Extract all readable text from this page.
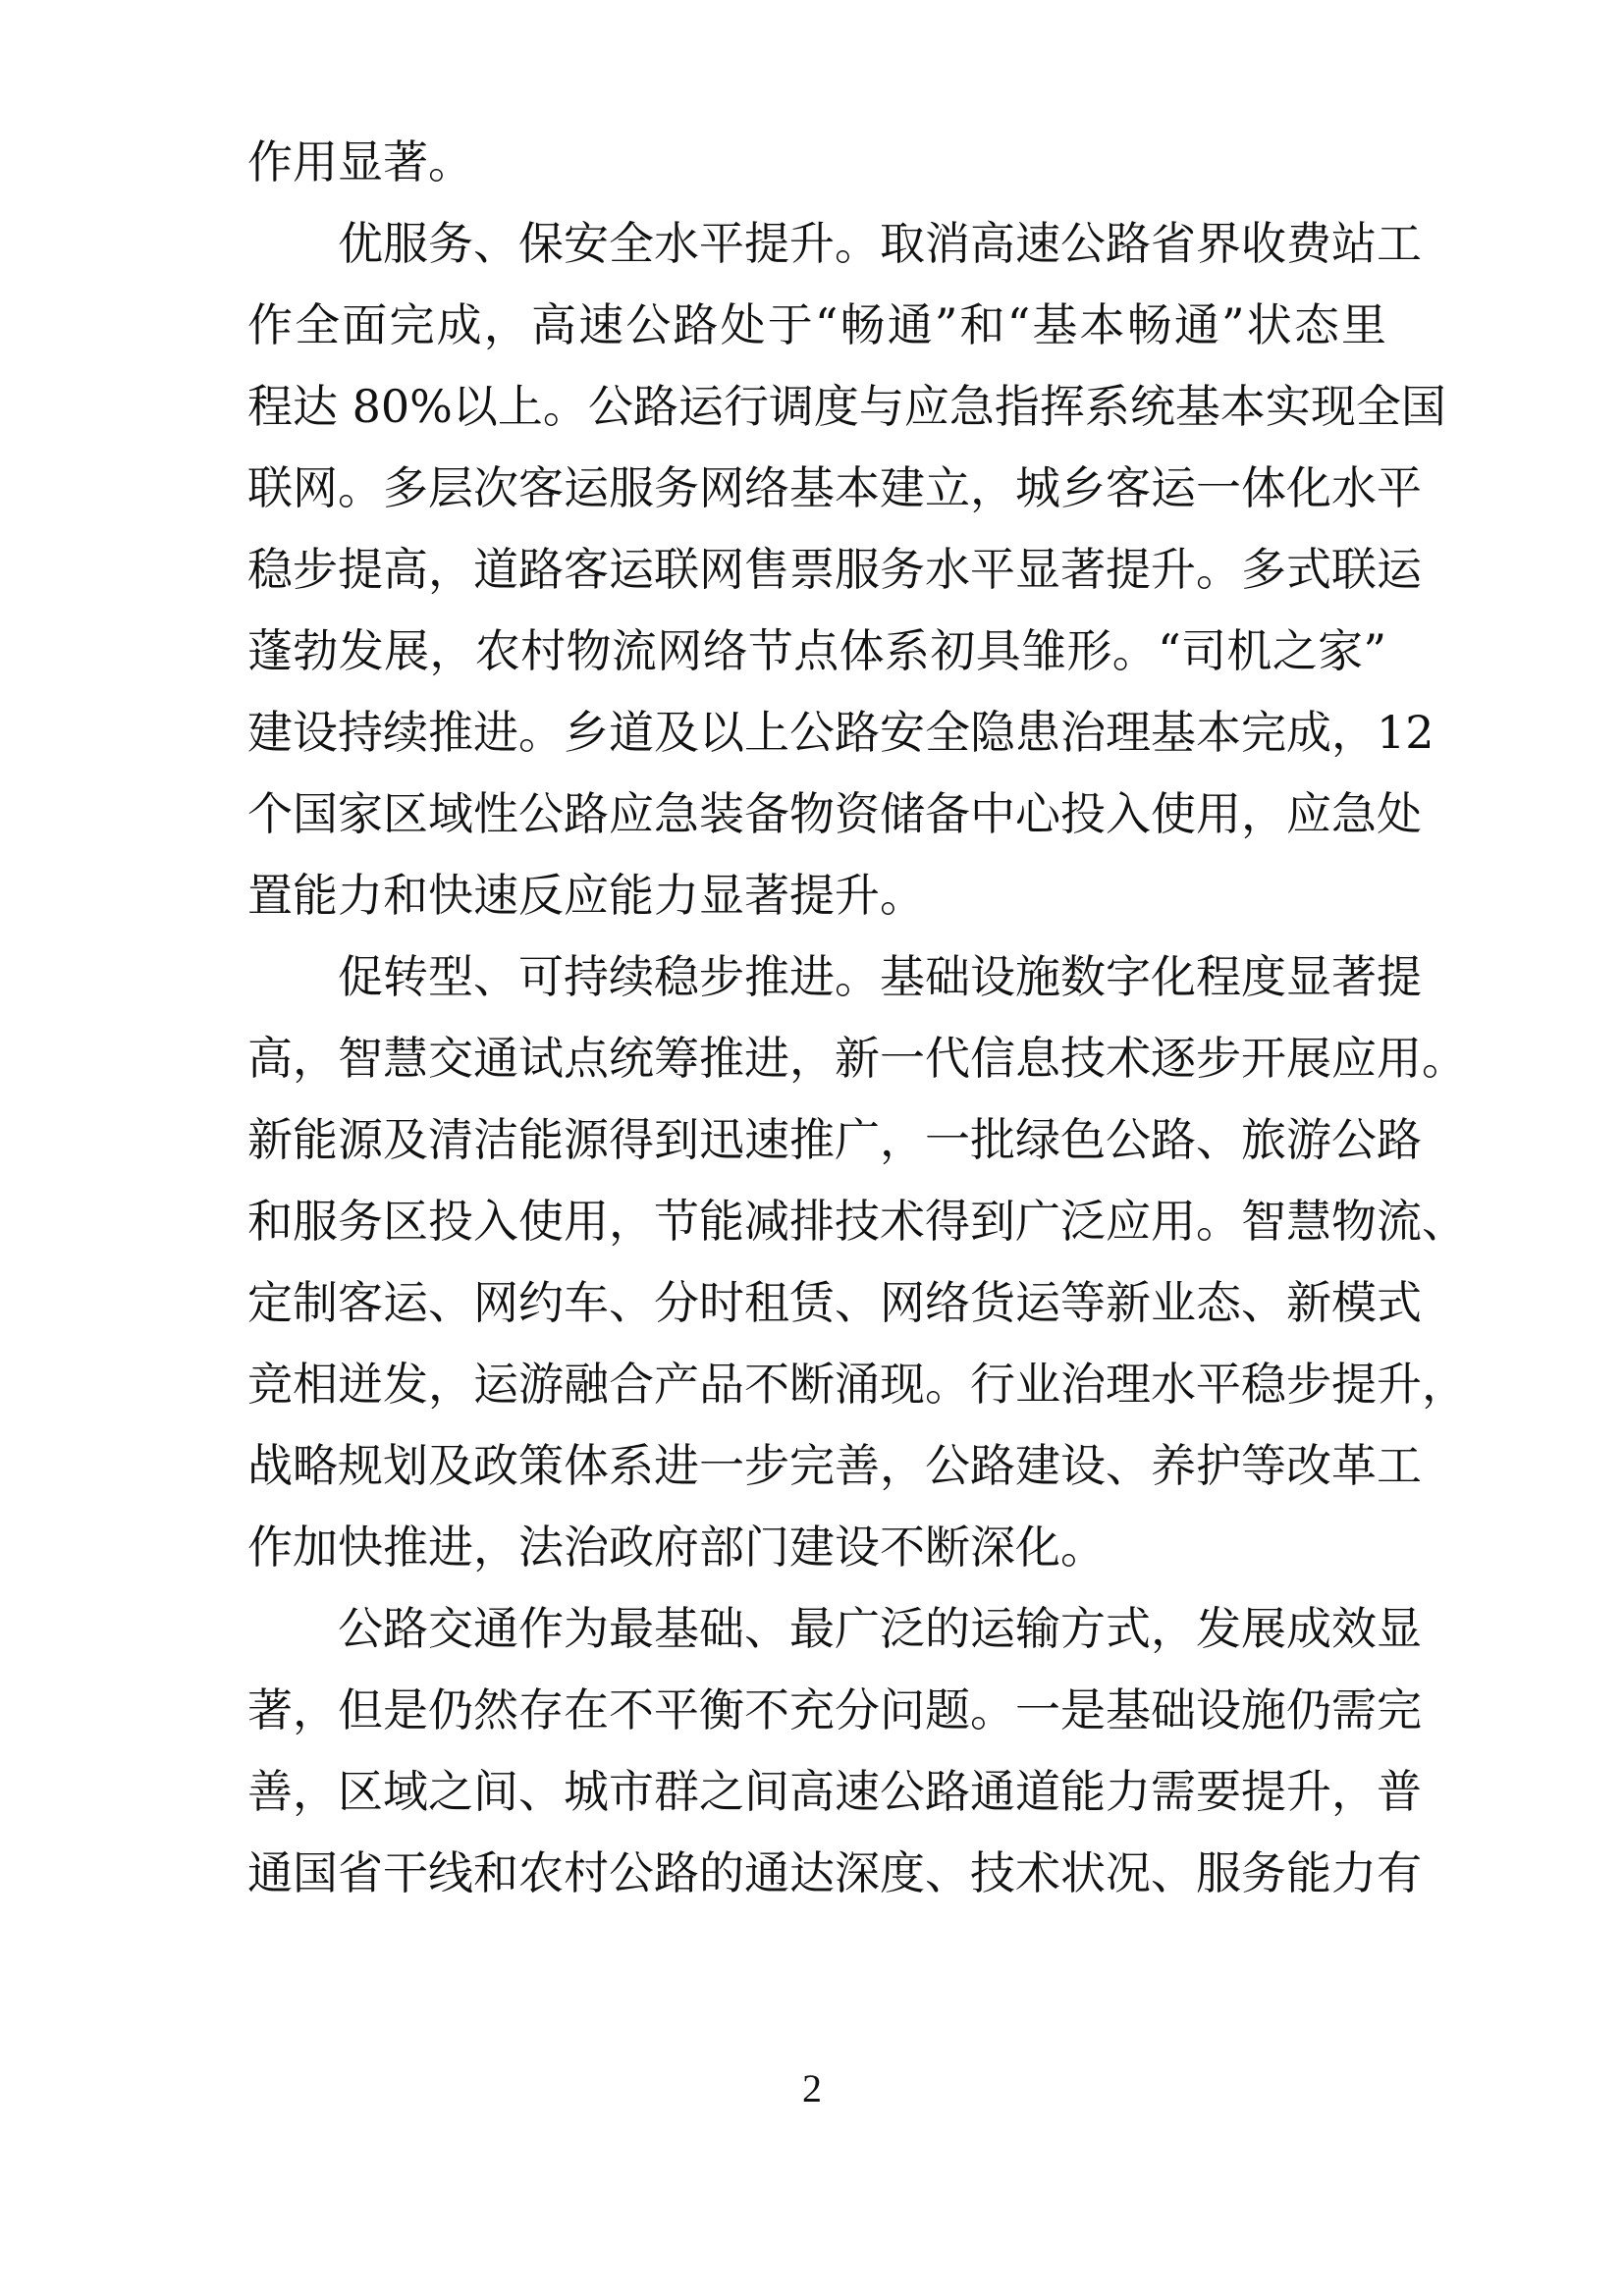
作用显著。
优服务、保安全水平提升。取消高速公路省界收费站工
作全面完成，高速公路处于“畅通”和“基本畅通”状态里
程达 80%以上。公路运行调度与应急指挥系统基本实现全国
联网。多层次客运服务网络基本建立，城乡客运一体化水平
稳步提高，道路客运联网售票服务水平显著提升。多式联运
蓬勃发展，农村物流网络节点体系初具雏形。“司机之家”
建设持续推进。乡道及以上公路安全隐患治理基本完成，12
个国家区域性公路应急装备物资储备中心投入使用，应急处
置能力和快速反应能力显著提升。
促转型、可持续稳步推进。基础设施数字化程度显著提
高，智慧交通试点统筹推进，新一代信息技术逐步开展应用。
新能源及清洁能源得到迅速推广，一批绿色公路、旅游公路
和服务区投入使用，节能减排技术得到广泛应用。智慧物流、
定制客运、网约车、分时租赁、网络货运等新业态、新模式
竞相迸发，运游融合产品不断涌现。行业治理水平稳步提升，
战略规划及政策体系进一步完善，公路建设、养护等改革工
作加快推进，法治政府部门建设不断深化。
公路交通作为最基础、最广泛的运输方式，发展成效显
著，但是仍然存在不平衡不充分问题。一是基础设施仍需完
善，区域之间、城市群之间高速公路通道能力需要提升，普
通国省干线和农村公路的通达深度、技术状况、服务能力有
2
